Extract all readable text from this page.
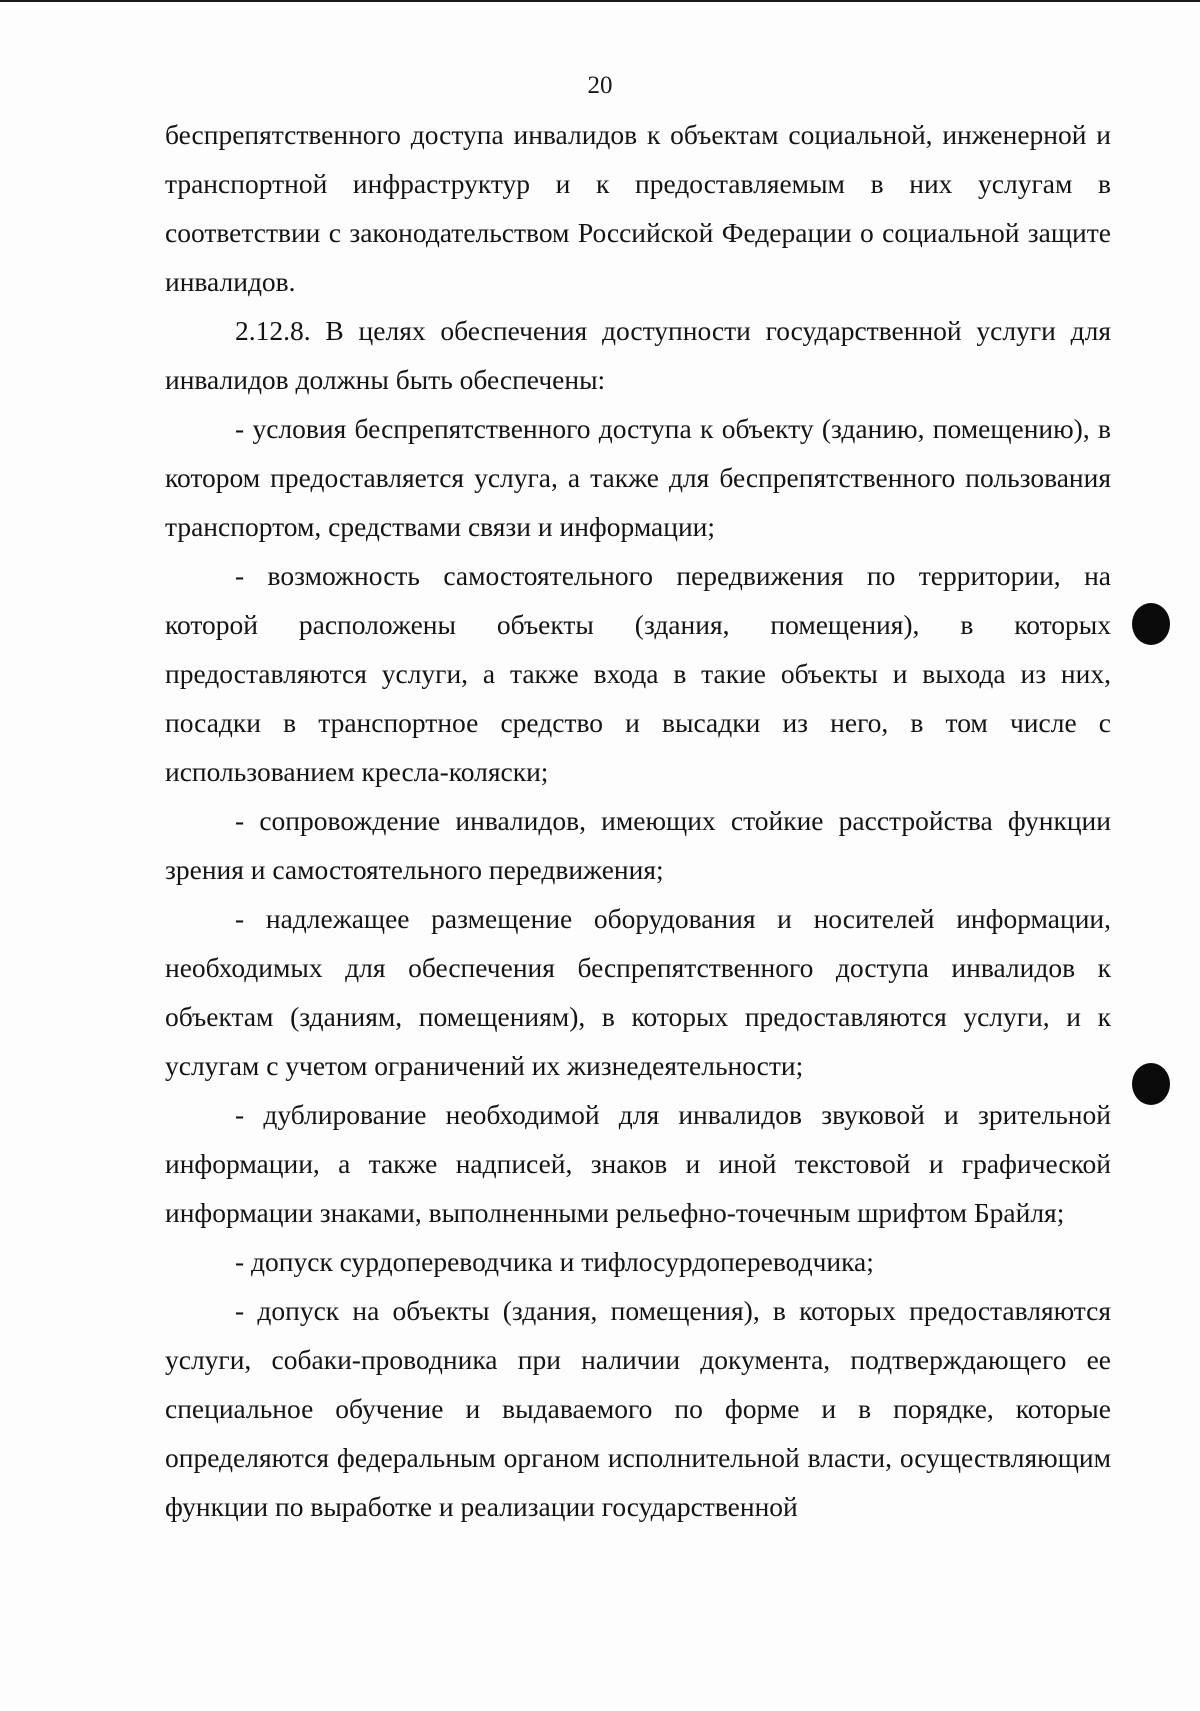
20

беспрепятственного доступа инвалидов к объектам социальной, инженерной и транспортной инфраструктур и к предоставляемым в них услугам в соответствии с законодательством Российской Федерации о социальной защите инвалидов.

2.12.8. В целях обеспечения доступности государственной услуги для инвалидов должны быть обеспечены:

- условия беспрепятственного доступа к объекту (зданию, помещению), в котором предоставляется услуга, а также для беспрепятственного пользования транспортом, средствами связи и информации;

- возможность самостоятельного передвижения по территории, на которой расположены объекты (здания, помещения), в которых предоставляются услуги, а также входа в такие объекты и выхода из них, посадки в транспортное средство и высадки из него, в том числе с использованием кресла-коляски;

- сопровождение инвалидов, имеющих стойкие расстройства функции зрения и самостоятельного передвижения;

- надлежащее размещение оборудования и носителей информации, необходимых для обеспечения беспрепятственного доступа инвалидов к объектам (зданиям, помещениям), в которых предоставляются услуги, и к услугам с учетом ограничений их жизнедеятельности;

- дублирование необходимой для инвалидов звуковой и зрительной информации, а также надписей, знаков и иной текстовой и графической информации знаками, выполненными рельефно-точечным шрифтом Брайля;

- допуск сурдопереводчика и тифлосурдопереводчика;

- допуск на объекты (здания, помещения), в которых предоставляются услуги, собаки-проводника при наличии документа, подтверждающего ее специальное обучение и выдаваемого по форме и в порядке, которые определяются федеральным органом исполнительной власти, осуществляющим функции по выработке и реализации государственной
